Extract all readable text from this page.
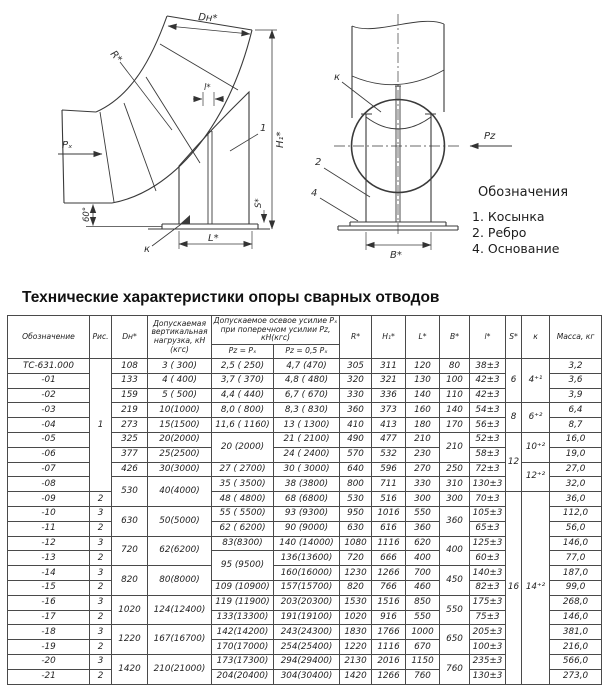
Dн*
R*
l*
Pₓ
1
H₁*
60°
S*
L*
к
к
Pz
2
4
B*
Обозначения
1. Косынка
2. Ребро
4. Основание
Технические характеристики опоры сварных отводов
Обозначение	Рис.	Dн*	Допускаемая вертикальная нагрузка, кН (кгс)	Допускаемое осевое усилие Pₓ при поперечном усилии Pz, кН(кгс)		R*	H₁*	L*	B*	l*	S*	к	Масса, кг
				Pz = Pₓ	Pz = 0,5 Pₓ								
ТС-631.000	1	108	3 ( 300)	2,5 ( 250)	4,7 (470)	305	311	120	80	38±3	6	4⁺¹	3,2
-01		133	4 ( 400)	3,7 ( 370)	4,8 ( 480)	320	321	130	100	42±3			3,6
-02		159	5 ( 500)	4,4 ( 440)	6,7 ( 670)	330	336	140	110	42±3			3,9
-03		219	10(1000)	8,0 ( 800)	8,3 ( 830)	360	373	160	140	54±3	8	6⁺²	6,4
-04		273	15(1500)	11,6 ( 1160)	13 ( 1300)	410	413	180	170	56±3			8,7
-05		325	20(2000)	20 (2000)	21 ( 2100)	490	477	210	210	52±3	12	10⁺²	16,0
-06		377	25(2500)		24 ( 2400)	570	532	230		58±3			19,0
-07		426	30(3000)	27 ( 2700)	30 ( 3000)	640	596	270	250	72±3		12⁺²	27,0
-08		530	40(4000)	35 ( 3500)	38 (3800)	800	711	330	310	130±3			32,0
-09	2			48 ( 4800)	68 (6800)	530	516	300	300	70±3	16	14⁺²	36,0
-10	3	630	50(5000)	55 ( 5500)	93 (9300)	950	1016	550	360	105±3			112,0
-11	2			62 ( 6200)	90 (9000)	630	616	360		65±3			56,0
-12	3	720	62(6200)	83(8300)	140 (14000)	1080	1116	620	400	125±3			146,0
-13	2			95 (9500)	136(13600)	720	666	400		60±3			77,0
-14	3	820	80(8000)		160(16000)	1230	1266	700	450	140±3			187,0
-15	2			109 (10900)	157(15700)	820	766	460		82±3			99,0
-16	3	1020	124(12400)	119 (11900)	203(20300)	1530	1516	850	550	175±3			268,0
-17	2			133(13300)	191(19100)	1020	916	550		75±3			146,0
-18	3	1220	167(16700)	142(14200)	243(24300)	1830	1766	1000	650	205±3			381,0
-19	2			170(17000)	254(25400)	1220	1116	670		100±3			216,0
-20	3	1420	210(21000)	173(17300)	294(29400)	2130	2016	1150	760	235±3			566,0
-21	2			204(20400)	304(30400)	1420	1266	760		130±3			273,0
